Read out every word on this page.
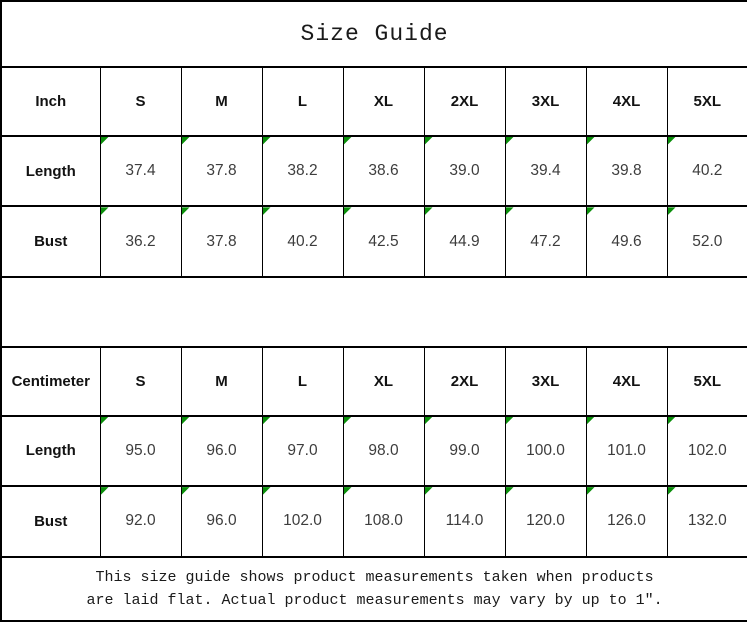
Size Guide								
Inch	S	M	L	XL	2XL	3XL	4XL	5XL
Length	37.4	37.8	38.2	38.6	39.0	39.4	39.8	40.2
Bust	36.2	37.8	40.2	42.5	44.9	47.2	49.6	52.0

Centimeter	S	M	L	XL	2XL	3XL	4XL	5XL
Length	95.0	96.0	97.0	98.0	99.0	100.0	101.0	102.0
Bust	92.0	96.0	102.0	108.0	114.0	120.0	126.0	132.0

This size guide shows product measurements taken when products
are laid flat. Actual product measurements may vary by up to 1″.								
